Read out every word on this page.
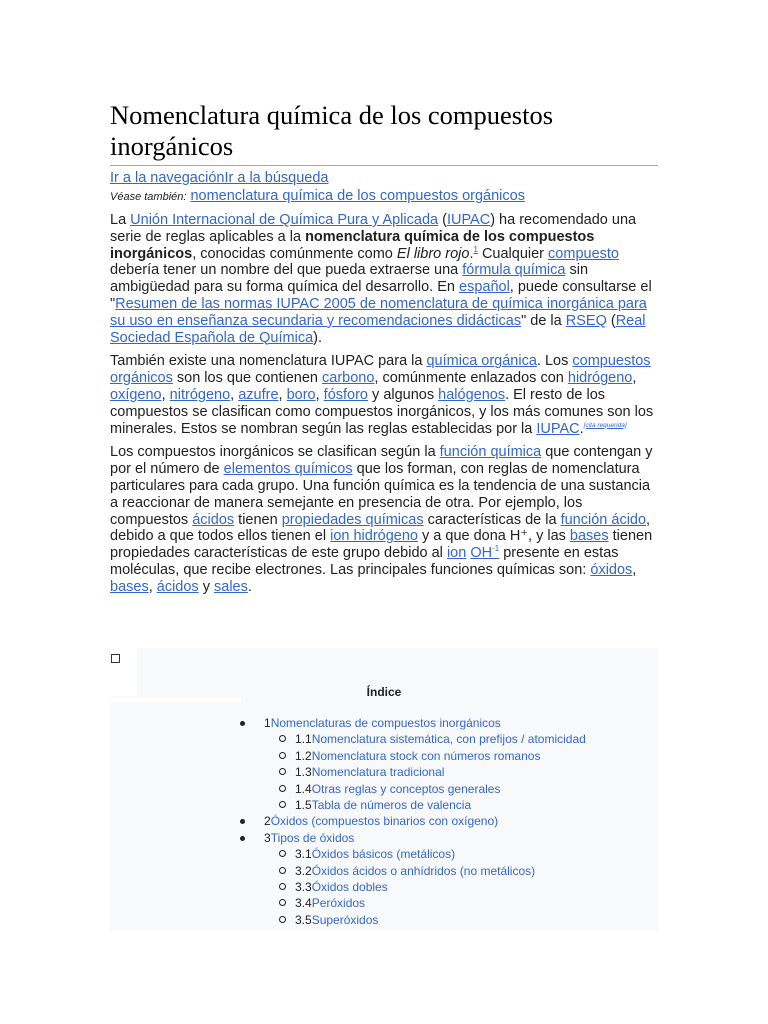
Nomenclatura química de los compuestos inorgánicos
Ir a la navegaciónIr a la búsqueda
Véase también: nomenclatura química de los compuestos orgánicos

La Unión Internacional de Química Pura y Aplicada (IUPAC) ha recomendado una serie de reglas aplicables a la nomenclatura química de los compuestos inorgánicos, conocidas comúnmente como El libro rojo.$^1$ Cualquier compuesto debería tener un nombre del que pueda extraerse una fórmula química sin ambigüedad para su forma química del desarrollo. En español, puede consultarse el "Resumen de las normas IUPAC 2005 de nomenclatura de química inorgánica para su uso en enseñanza secundaria y recomendaciones didácticas" de la RSEQ (Real Sociedad Española de Química).

También existe una nomenclatura IUPAC para la química orgánica. Los compuestos orgánicos son los que contienen carbono, comúnmente enlazados con hidrógeno, oxígeno, nitrógeno, azufre, boro, fósforo y algunos halógenos. El resto de los compuestos se clasifican como compuestos inorgánicos, y los más comunes son los minerales. Estos se nombran según las reglas establecidas por la IUPAC.[cita requerida]

Los compuestos inorgánicos se clasifican según la función química que contengan y por el número de elementos químicos que los forman, con reglas de nomenclatura particulares para cada grupo. Una función química es la tendencia de una sustancia a reaccionar de manera semejante en presencia de otra. Por ejemplo, los compuestos ácidos tienen propiedades químicas características de la función ácido, debido a que todos ellos tienen el ion hidrógeno y a que dona H⁺, y las bases tienen propiedades características de este grupo debido al ion OH$^{-1}$ presente en estas moléculas, que recibe electrones. Las principales funciones químicas son: óxidos, bases, ácidos y sales.

Índice
1Nomenclaturas de compuestos inorgánicos
1.1Nomenclatura sistemática, con prefijos / atomicidad
1.2Nomenclatura stock con números romanos
1.3Nomenclatura tradicional
1.4Otras reglas y conceptos generales
1.5Tabla de números de valencia
2Óxidos (compuestos binarios con oxígeno)
3Tipos de óxidos
3.1Óxidos básicos (metálicos)
3.2Óxidos ácidos o anhídridos (no metálicos)
3.3Óxidos dobles
3.4Peróxidos
3.5Superóxidos
